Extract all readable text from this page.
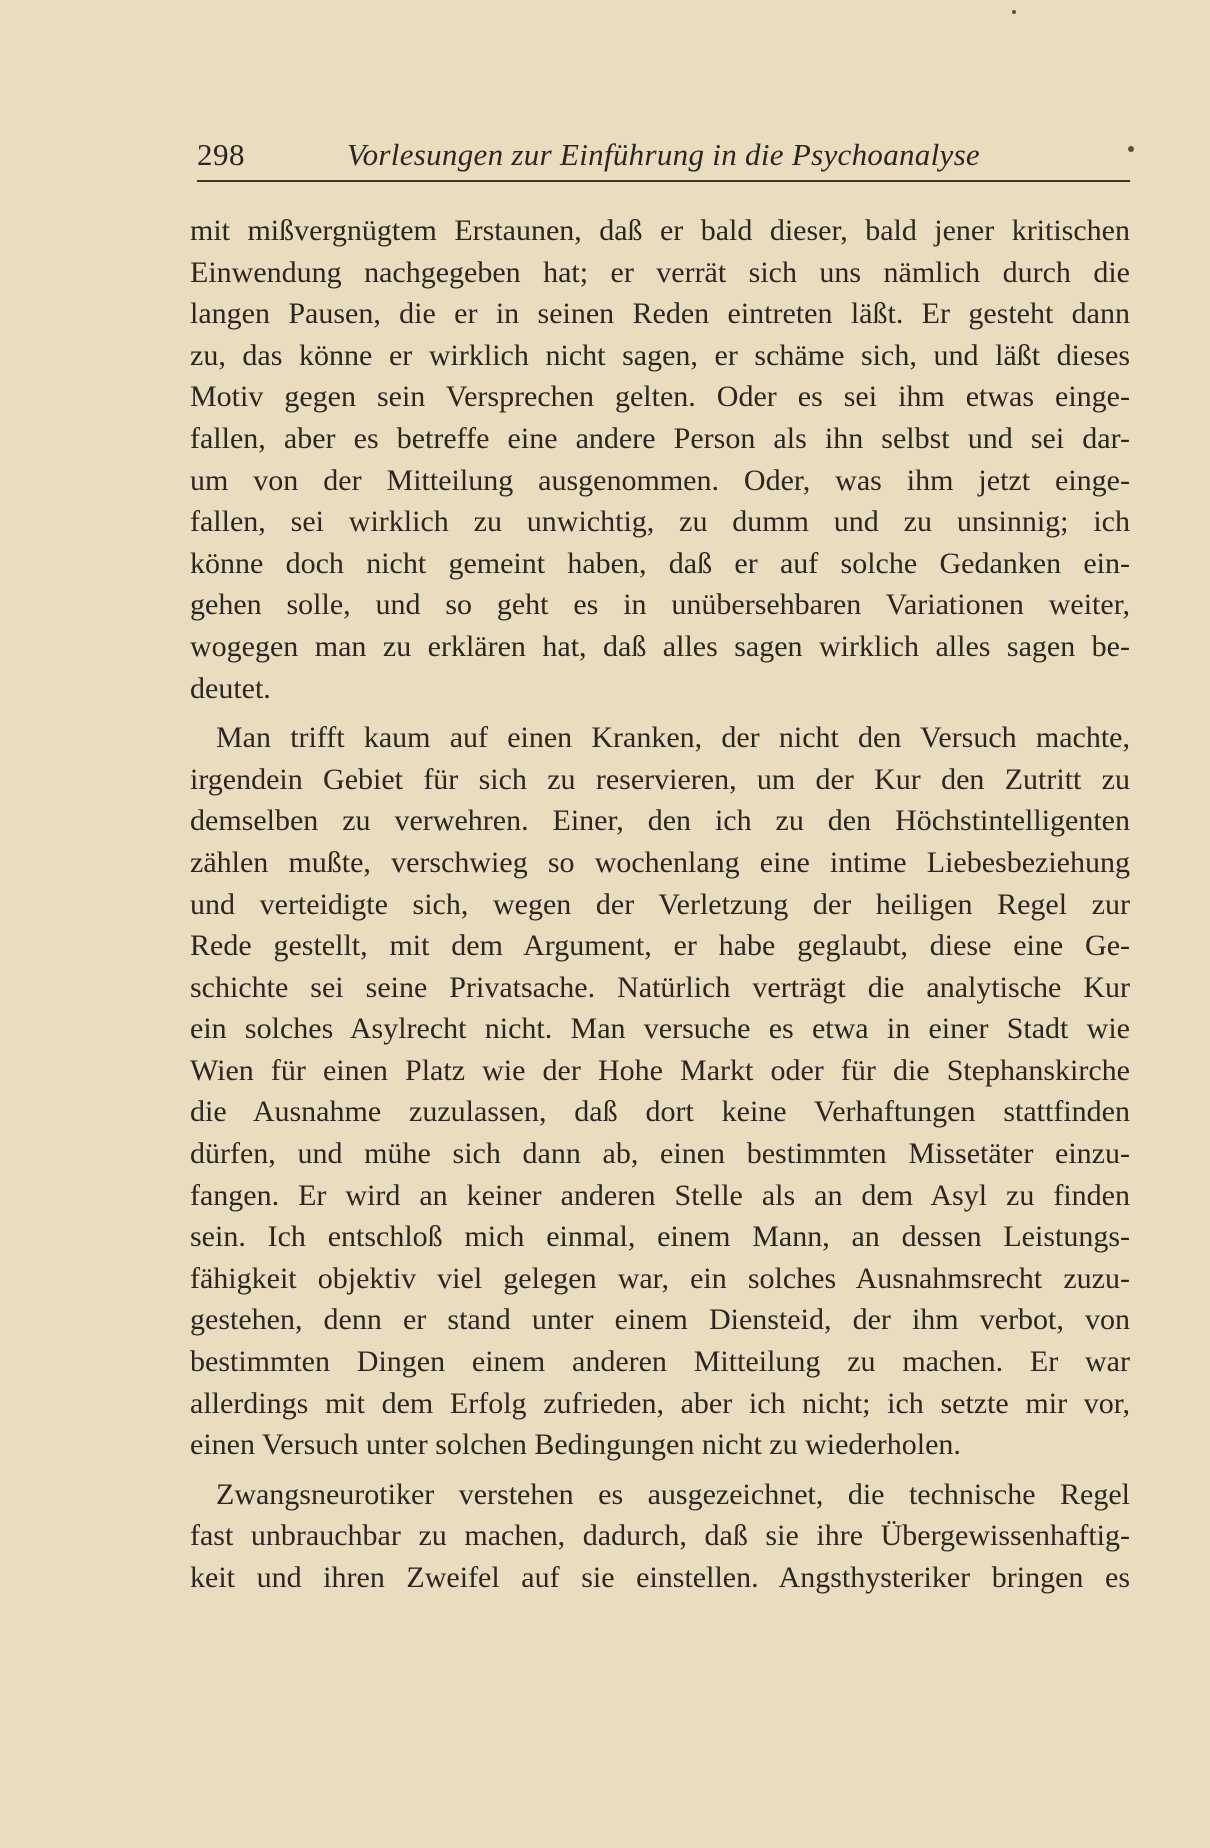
298	Vorlesungen zur Einführung in die Psychoanalyse
mit mißvergnügtem Erstaunen, daß er bald dieser, bald jener kritischen
Einwendung nachgegeben hat; er verrät sich uns nämlich durch die
langen Pausen, die er in seinen Reden eintreten läßt. Er gesteht dann
zu, das könne er wirklich nicht sagen, er schäme sich, und läßt dieses
Motiv gegen sein Versprechen gelten. Oder es sei ihm etwas einge-
fallen, aber es betreffe eine andere Person als ihn selbst und sei dar-
um von der Mitteilung ausgenommen. Oder, was ihm jetzt einge-
fallen, sei wirklich zu unwichtig, zu dumm und zu unsinnig; ich
könne doch nicht gemeint haben, daß er auf solche Gedanken ein-
gehen solle, und so geht es in unübersehbaren Variationen weiter,
wogegen man zu erklären hat, daß alles sagen wirklich alles sagen be-
deutet.
Man trifft kaum auf einen Kranken, der nicht den Versuch machte,
irgendein Gebiet für sich zu reservieren, um der Kur den Zutritt zu
demselben zu verwehren. Einer, den ich zu den Höchstintelligenten
zählen mußte, verschwieg so wochenlang eine intime Liebesbeziehung
und verteidigte sich, wegen der Verletzung der heiligen Regel zur
Rede gestellt, mit dem Argument, er habe geglaubt, diese eine Ge-
schichte sei seine Privatsache. Natürlich verträgt die analytische Kur
ein solches Asylrecht nicht. Man versuche es etwa in einer Stadt wie
Wien für einen Platz wie der Hohe Markt oder für die Stephanskirche
die Ausnahme zuzulassen, daß dort keine Verhaftungen stattfinden
dürfen, und mühe sich dann ab, einen bestimmten Missetäter einzu-
fangen. Er wird an keiner anderen Stelle als an dem Asyl zu finden
sein. Ich entschloß mich einmal, einem Mann, an dessen Leistungs-
fähigkeit objektiv viel gelegen war, ein solches Ausnahmsrecht zuzu-
gestehen, denn er stand unter einem Diensteid, der ihm verbot, von
bestimmten Dingen einem anderen Mitteilung zu machen. Er war
allerdings mit dem Erfolg zufrieden, aber ich nicht; ich setzte mir vor,
einen Versuch unter solchen Bedingungen nicht zu wiederholen.
Zwangsneurotiker verstehen es ausgezeichnet, die technische Regel
fast unbrauchbar zu machen, dadurch, daß sie ihre Übergewissenhaftig-
keit und ihren Zweifel auf sie einstellen. Angsthysteriker bringen es
